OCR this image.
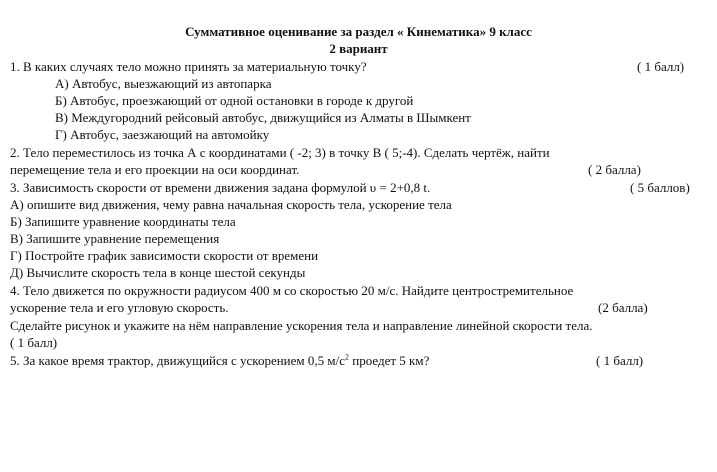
Суммативное оценивание за раздел « Кинематика» 9 класс
2 вариант
1. В каких случаях тело можно принять за материальную точку?	( 1 балл)
А) Автобус, выезжающий из автопарка
Б) Автобус, проезжающий от одной остановки в городе к другой
В) Междугородний рейсовый автобус, движущийся из Алматы в Шымкент
Г) Автобус, заезжающий на автомойку
2. Тело переместилось из точка А с координатами ( -2; 3) в точку В ( 5;-4). Сделать чертёж, найти
перемещение тела и его проекции на оси координат.	( 2 балла)
3. Зависимость скорости от времени движения задана формулой υ = 2+0,8 t.	( 5 баллов)
А) опишите вид движения, чему равна начальная скорость тела, ускорение тела
Б) Запишите уравнение координаты тела
В) Запишите уравнение перемещения
Г) Постройте график зависимости скорости от времени
Д) Вычислите скорость тела в конце шестой секунды
4. Тело движется по окружности радиусом 400 м со скоростью 20 м/с. Найдите центростремительное
ускорение тела и его угловую скорость.	(2 балла)
Сделайте рисунок и укажите на нём направление ускорения тела и направление линейной скорости тела.
( 1 балл)
5. За какое время трактор, движущийся с ускорением 0,5 $м/с^2$ проедет 5 км?	( 1 балл)
